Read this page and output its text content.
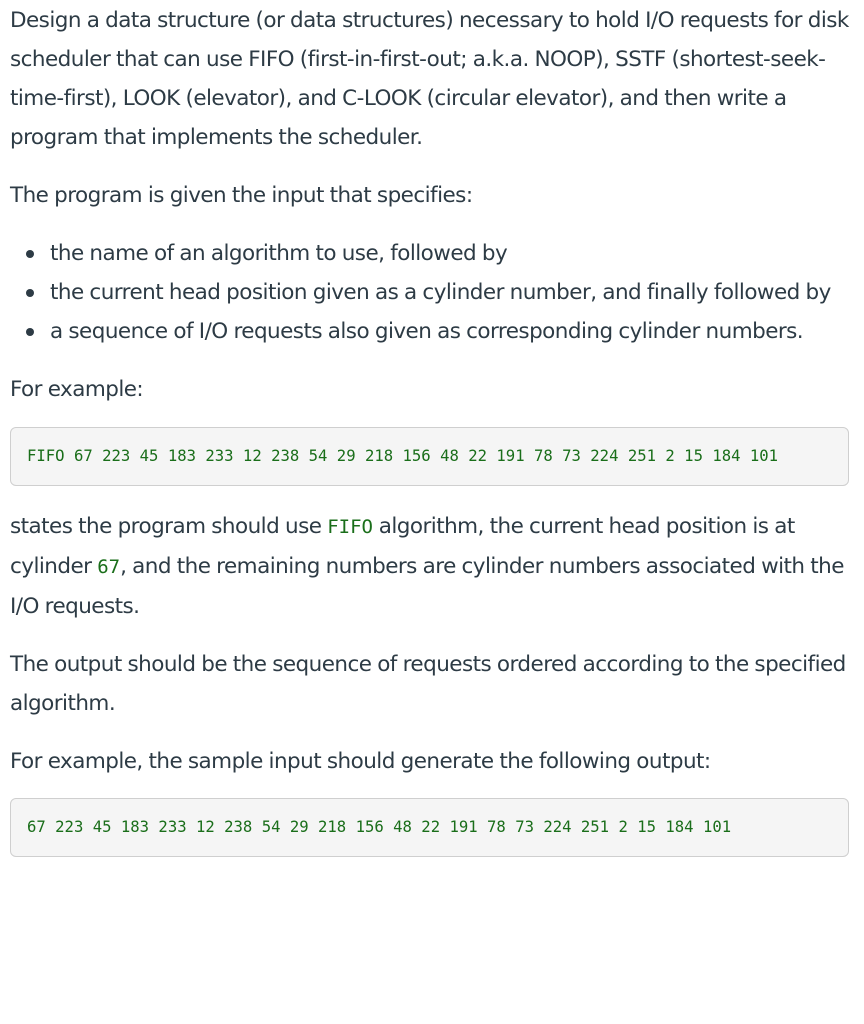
Design a data structure (or data structures) necessary to hold I/O requests for disk scheduler that can use FIFO (first-in-first-out; a.k.a. NOOP), SSTF (shortest-seek-time-first), LOOK (elevator), and C-LOOK (circular elevator), and then write a program that implements the scheduler.

The program is given the input that specifies:

the name of an algorithm to use, followed by
the current head position given as a cylinder number, and finally followed by
a sequence of I/O requests also given as corresponding cylinder numbers.

For example:

FIFO 67 223 45 183 233 12 238 54 29 218 156 48 22 191 78 73 224 251 2 15 184 101

states the program should use FIFO algorithm, the current head position is at cylinder 67, and the remaining numbers are cylinder numbers associated with the I/O requests.

The output should be the sequence of requests ordered according to the specified algorithm.

For example, the sample input should generate the following output:

67 223 45 183 233 12 238 54 29 218 156 48 22 191 78 73 224 251 2 15 184 101
